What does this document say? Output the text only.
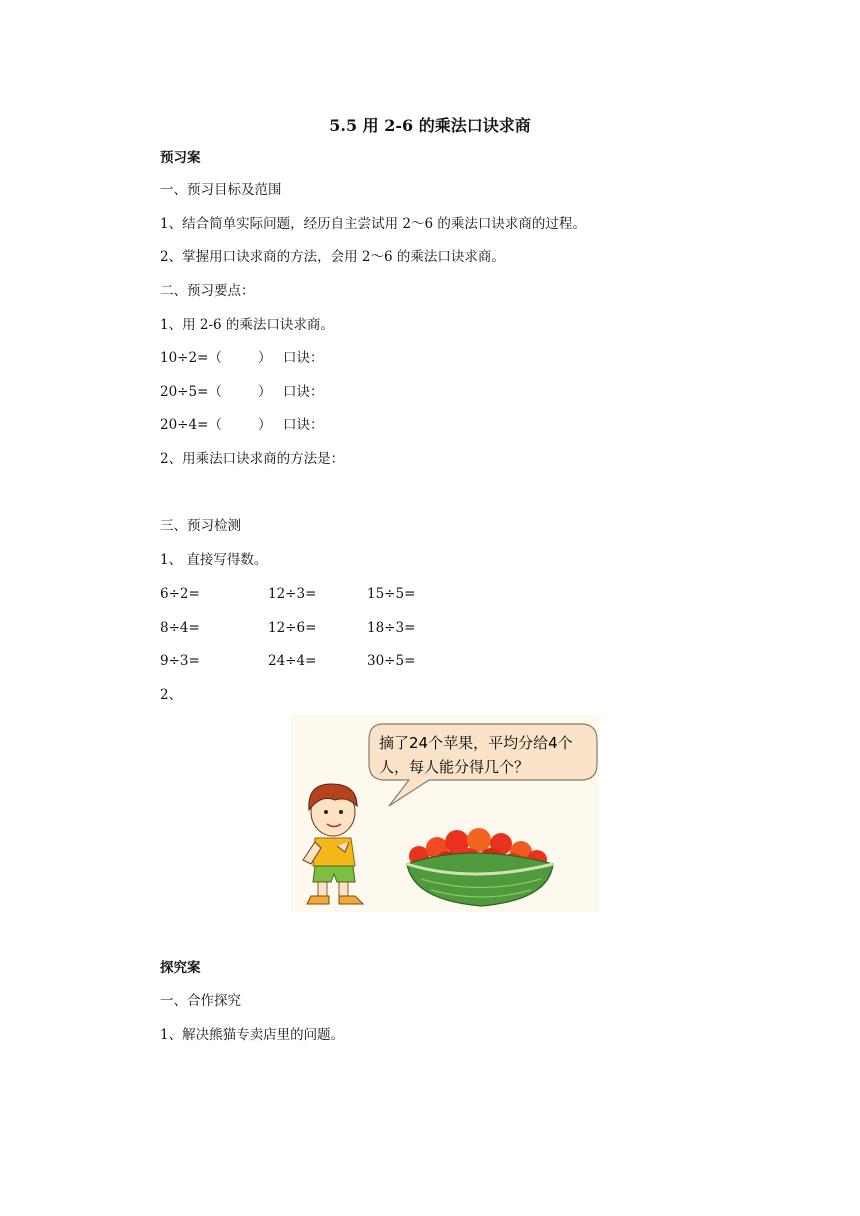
5.5 用 2-6 的乘法口诀求商
预习案
一、预习目标及范围
1、结合简单实际问题，经历自主尝试用 2～6 的乘法口诀求商的过程。
2、掌握用口诀求商的方法，会用 2～6 的乘法口诀求商。
二、预习要点：
1、用 2-6 的乘法口诀求商。
10÷2=（	） 口诀：
20÷5=（	） 口诀：
20÷4=（	） 口诀：
2、用乘法口诀求商的方法是：
三、预习检测
1、 直接写得数。
6÷2=	12÷3=	15÷5=
8÷4=	12÷6=	18÷3=
9÷3=	24÷4=	30÷5=
2、
摘了24个苹果，平均分给4个
人，每人能分得几个？
探究案
一、合作探究
1、解决熊猫专卖店里的问题。
